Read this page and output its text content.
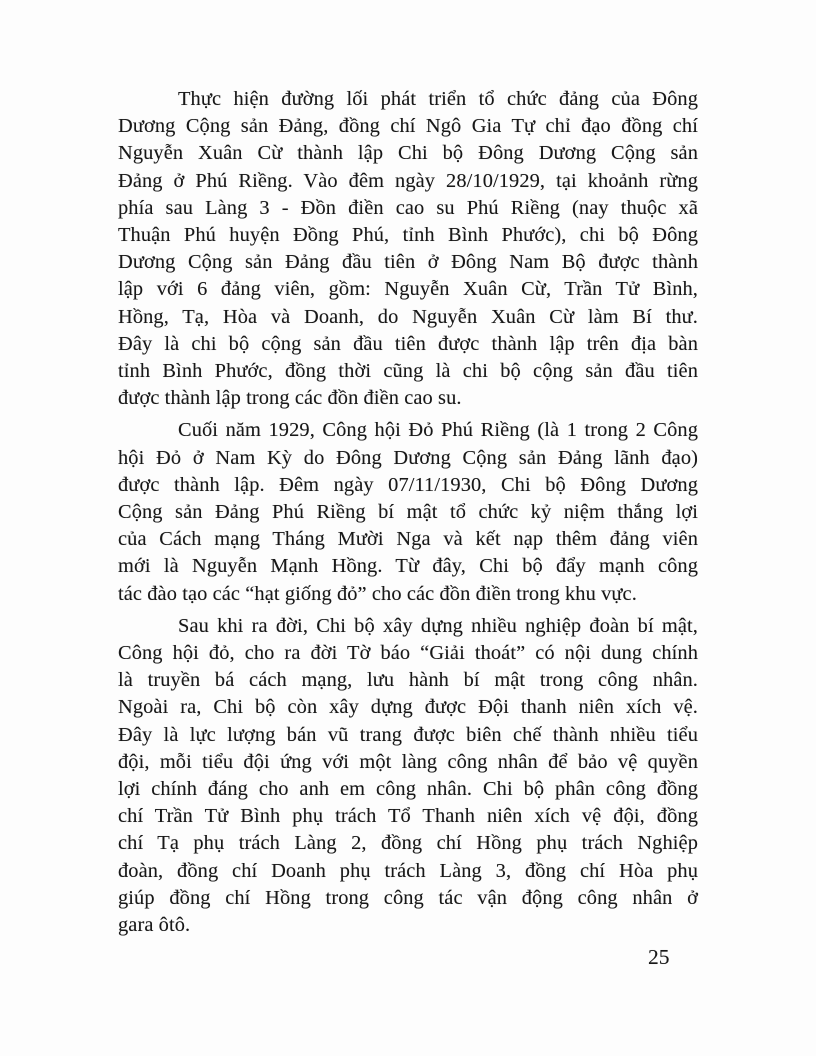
Thực hiện đường lối phát triển tổ chức đảng của Đông
Dương Cộng sản Đảng, đồng chí Ngô Gia Tự chỉ đạo đồng chí
Nguyễn Xuân Cừ thành lập Chi bộ Đông Dương Cộng sản
Đảng ở Phú Riềng. Vào đêm ngày 28/10/1929, tại khoảnh rừng
phía sau Làng 3 - Đồn điền cao su Phú Riềng (nay thuộc xã
Thuận Phú huyện Đồng Phú, tỉnh Bình Phước), chi bộ Đông
Dương Cộng sản Đảng đầu tiên ở Đông Nam Bộ được thành
lập với 6 đảng viên, gồm: Nguyễn Xuân Cừ, Trần Tử Bình,
Hồng, Tạ, Hòa và Doanh, do Nguyễn Xuân Cừ làm Bí thư.
Đây là chi bộ cộng sản đầu tiên được thành lập trên địa bàn
tỉnh Bình Phước, đồng thời cũng là chi bộ cộng sản đầu tiên
được thành lập trong các đồn điền cao su.
Cuối năm 1929, Công hội Đỏ Phú Riềng (là 1 trong 2 Công
hội Đỏ ở Nam Kỳ do Đông Dương Cộng sản Đảng lãnh đạo)
được thành lập. Đêm ngày 07/11/1930, Chi bộ Đông Dương
Cộng sản Đảng Phú Riềng bí mật tổ chức kỷ niệm thắng lợi
của Cách mạng Tháng Mười Nga và kết nạp thêm đảng viên
mới là Nguyễn Mạnh Hồng. Từ đây, Chi bộ đẩy mạnh công
tác đào tạo các “hạt giống đỏ” cho các đồn điền trong khu vực.
Sau khi ra đời, Chi bộ xây dựng nhiều nghiệp đoàn bí mật,
Công hội đỏ, cho ra đời Tờ báo “Giải thoát” có nội dung chính
là truyền bá cách mạng, lưu hành bí mật trong công nhân.
Ngoài ra, Chi bộ còn xây dựng được Đội thanh niên xích vệ.
Đây là lực lượng bán vũ trang được biên chế thành nhiều tiểu
đội, mỗi tiểu đội ứng với một làng công nhân để bảo vệ quyền
lợi chính đáng cho anh em công nhân. Chi bộ phân công đồng
chí Trần Tử Bình phụ trách Tổ Thanh niên xích vệ đội, đồng
chí Tạ phụ trách Làng 2, đồng chí Hồng phụ trách Nghiệp
đoàn, đồng chí Doanh phụ trách Làng 3, đồng chí Hòa phụ
giúp đồng chí Hồng trong công tác vận động công nhân ở
gara ôtô.
25
